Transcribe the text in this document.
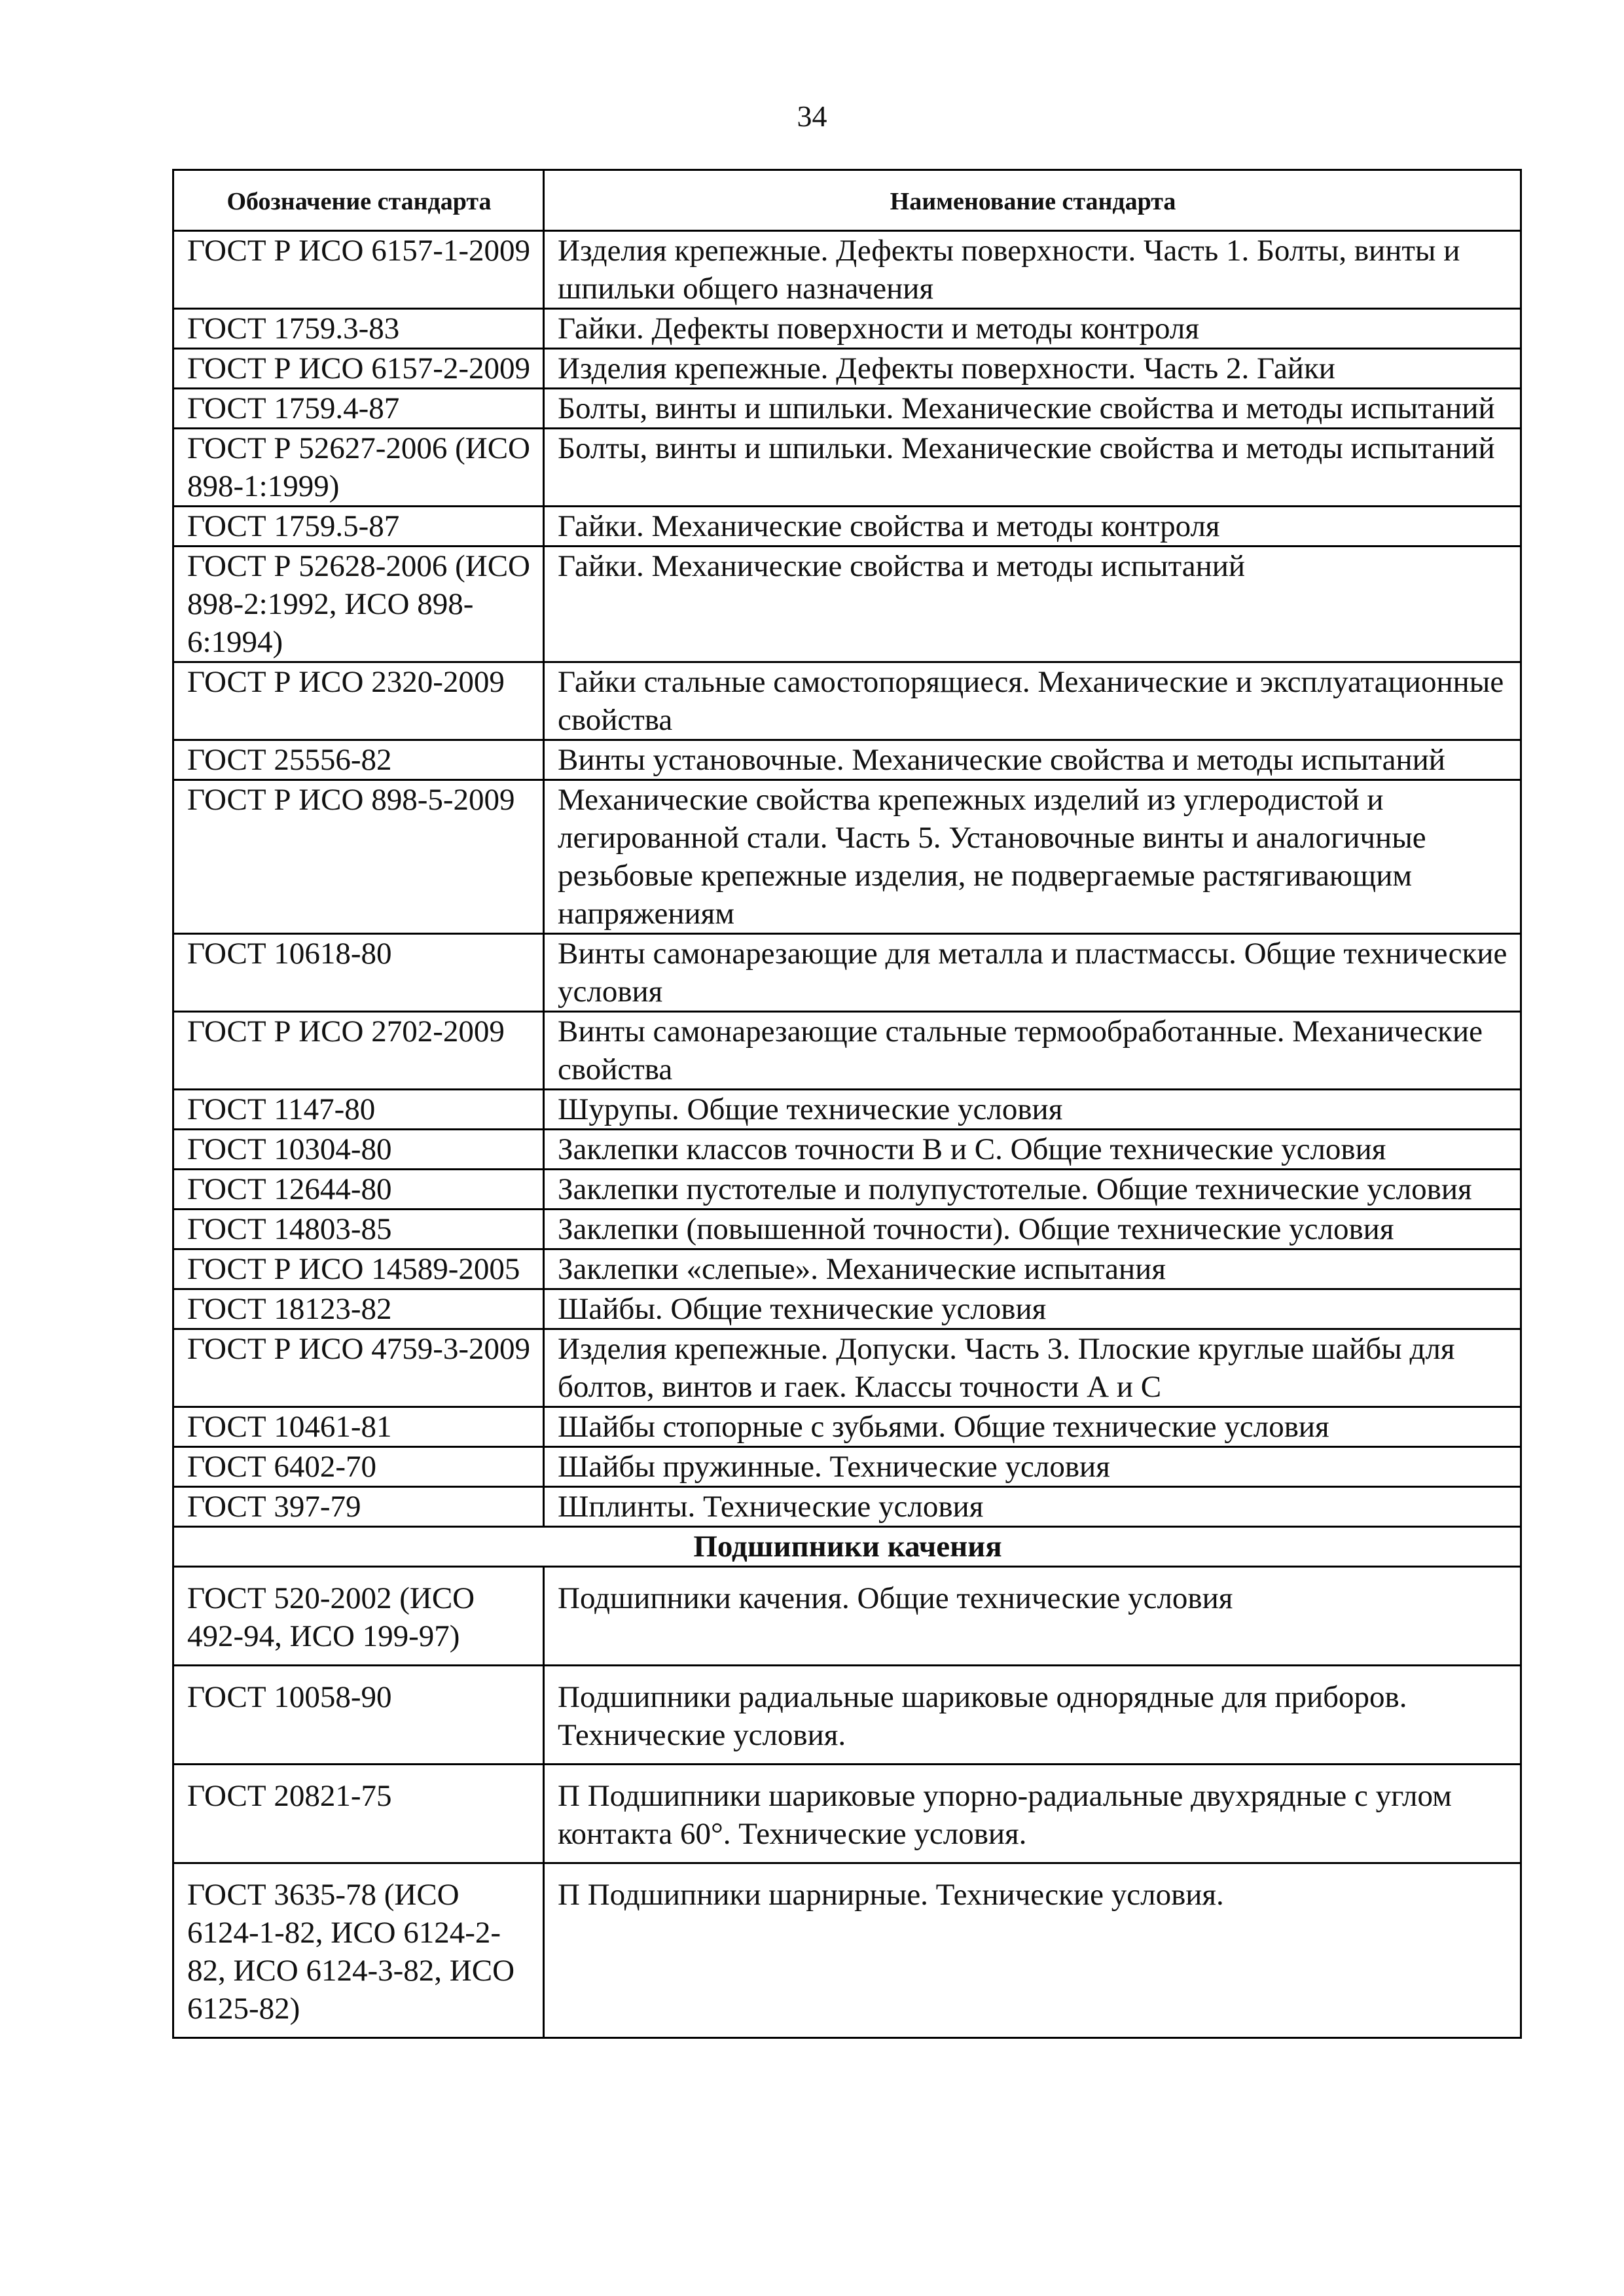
34
Обозначение стандарта	Наименование стандарта
ГОСТ Р ИСО 6157-1-2009	Изделия крепежные. Дефекты поверхности. Часть 1. Болты, винты и шпильки общего назначения
ГОСТ 1759.3-83	Гайки. Дефекты поверхности и методы контроля
ГОСТ Р ИСО 6157-2-2009	Изделия крепежные. Дефекты поверхности. Часть 2. Гайки
ГОСТ 1759.4-87	Болты, винты и шпильки. Механические свойства и методы испытаний
ГОСТ Р 52627-2006 (ИСО 898-1:1999)	Болты, винты и шпильки. Механические свойства и методы испытаний
ГОСТ 1759.5-87	Гайки. Механические свойства и методы контроля
ГОСТ Р 52628-2006 (ИСО 898-2:1992, ИСО 898-6:1994)	Гайки. Механические свойства и методы испытаний
ГОСТ Р ИСО 2320-2009	Гайки стальные самостопорящиеся. Механические и эксплуатационные свойства
ГОСТ 25556-82	Винты установочные. Механические свойства и методы испытаний
ГОСТ Р ИСО 898-5-2009	Механические свойства крепежных изделий из углеродистой и легированной стали. Часть 5. Установочные винты и аналогичные резьбовые крепежные изделия, не подвергаемые растягивающим напряжениям
ГОСТ 10618-80	Винты самонарезающие для металла и пластмассы. Общие технические условия
ГОСТ Р ИСО 2702-2009	Винты самонарезающие стальные термообработанные. Механические свойства
ГОСТ 1147-80	Шурупы. Общие технические условия
ГОСТ 10304-80	Заклепки классов точности В и С. Общие технические условия
ГОСТ 12644-80	Заклепки пустотелые и полупустотелые. Общие технические условия
ГОСТ 14803-85	Заклепки (повышенной точности). Общие технические условия
ГОСТ Р ИСО 14589-2005	Заклепки «слепые». Механические испытания
ГОСТ 18123-82	Шайбы. Общие технические условия
ГОСТ Р ИСО 4759-3-2009	Изделия крепежные. Допуски. Часть 3. Плоские круглые шайбы для болтов, винтов и гаек. Классы точности А и С
ГОСТ 10461-81	Шайбы стопорные с зубьями. Общие технические условия
ГОСТ 6402-70	Шайбы пружинные. Технические условия
ГОСТ 397-79	Шплинты. Технические условия
Подшипники качения	
ГОСТ 520-2002 (ИСО 492-94, ИСО 199-97)	Подшипники качения. Общие технические условия
ГОСТ 10058-90	Подшипники радиальные шариковые однорядные для приборов. Технические условия.
ГОСТ 20821-75	П Подшипники шариковые упорно-радиальные двухрядные с углом контакта 60°. Технические условия.
ГОСТ 3635-78 (ИСО 6124-1-82, ИСО 6124-2-82, ИСО 6124-3-82, ИСО 6125-82)	П Подшипники шарнирные. Технические условия.
